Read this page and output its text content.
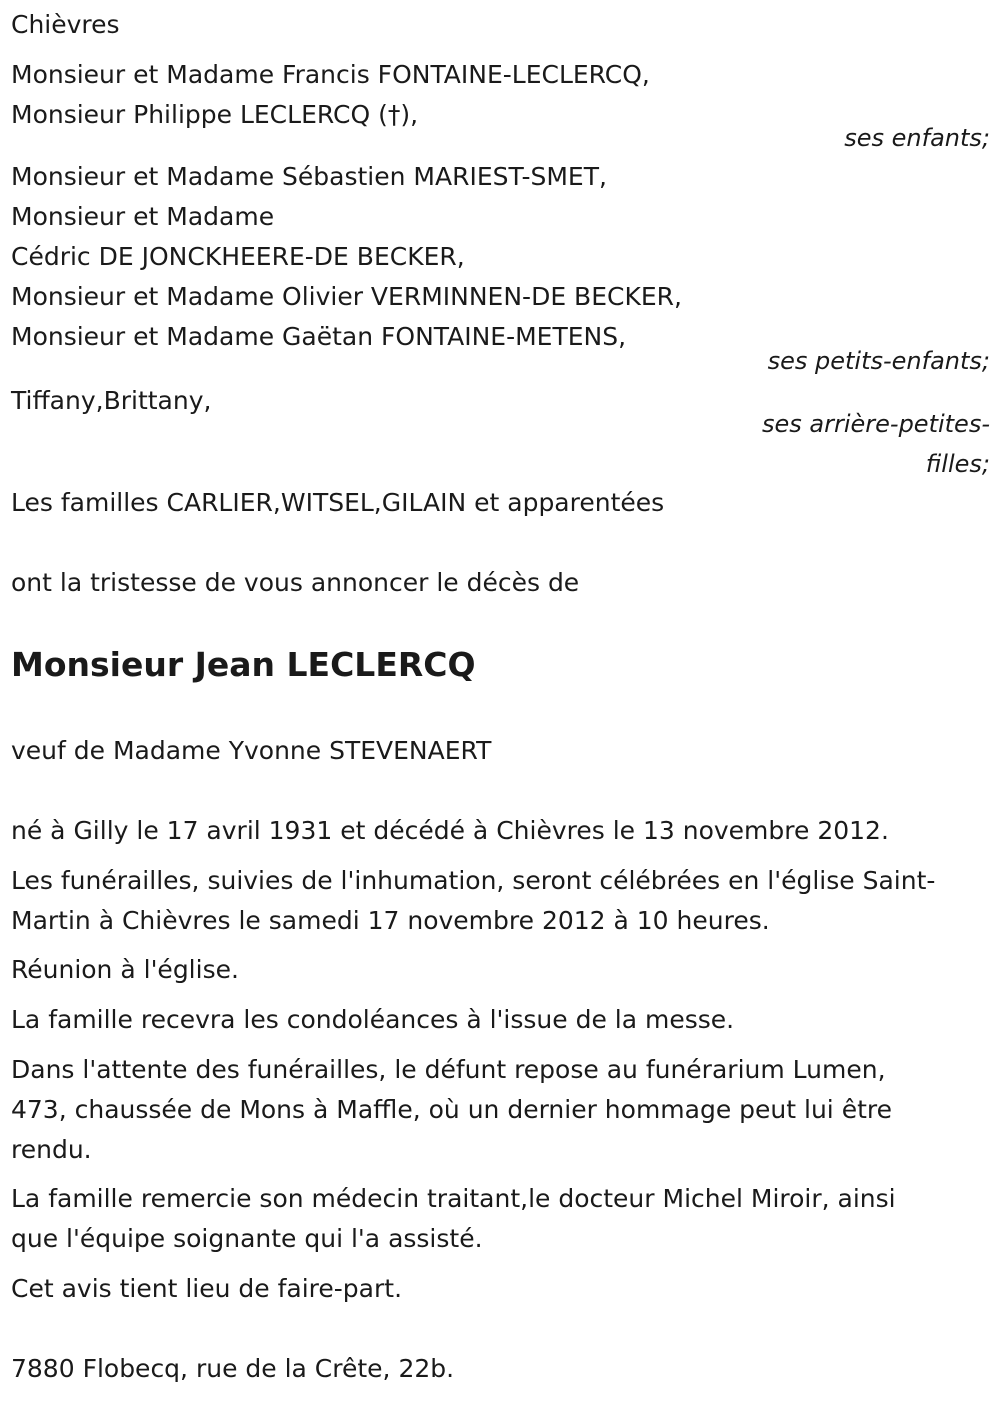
Chièvres
Monsieur et Madame Francis FONTAINE-LECLERCQ,
Monsieur Philippe LECLERCQ (†),
ses enfants;
Monsieur et Madame Sébastien MARIEST-SMET,
Monsieur et Madame
Cédric DE JONCKHEERE-DE BECKER,
Monsieur et Madame Olivier VERMINNEN-DE BECKER,
Monsieur et Madame Gaëtan FONTAINE-METENS,
ses petits-enfants;
Tiffany,Brittany,
ses arrière-petites-
filles;
Les familles CARLIER,WITSEL,GILAIN et apparentées
ont la tristesse de vous annoncer le décès de
Monsieur Jean LECLERCQ
veuf de Madame Yvonne STEVENAERT
né à Gilly le 17 avril 1931 et décédé à Chièvres le 13 novembre 2012.
Les funérailles, suivies de l'inhumation, seront célébrées en l'église Saint-
Martin à Chièvres le samedi 17 novembre 2012 à 10 heures.
Réunion à l'église.
La famille recevra les condoléances à l'issue de la messe.
Dans l'attente des funérailles, le défunt repose au funérarium Lumen,
473, chaussée de Mons à Maffle, où un dernier hommage peut lui être
rendu.
La famille remercie son médecin traitant,le docteur Michel Miroir, ainsi
que l'équipe soignante qui l'a assisté.
Cet avis tient lieu de faire-part.
7880 Flobecq, rue de la Crête, 22b.
